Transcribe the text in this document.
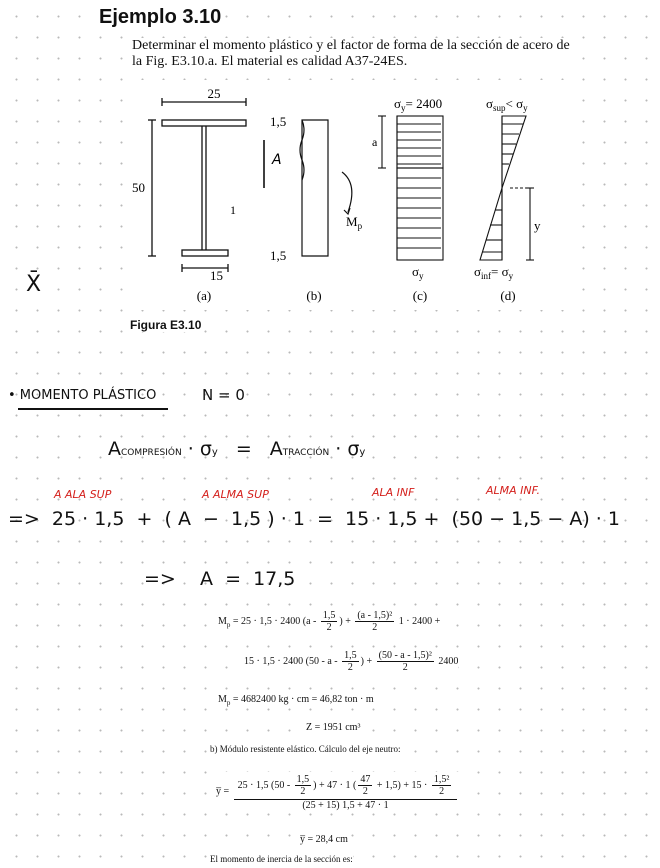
Ejemplo 3.10
Determinar el momento plástico y el factor de forma de la sección de acero de la Fig. E3.10.a. El material es calidad A37-24ES.
25
1,5
50
1
1,5
15
A
$M_p$
a
$\sigma_y= 2400$
$\sigma_y$
$\sigma_{sup}< \sigma_y$
y
$\sigma_{inf}= \sigma_y$
(a)	(b)	(c)	(d)
X̄
Figura E3.10
• MOMENTO PLÁSTICO	N = 0
ACOMPRESIÓN · σy = ATRACCIÓN · σy
A ALA SUP	A ALMA SUP	ALA INF	ALMA INF.
=>  25 · 1,5  +  ( A  −  1,5 ) · 1  =  15 · 1,5 +  (50 − 1,5 − A) · 1
=>    A  =  17,5
$M_p = 25 \cdot 1,5 \cdot 2400$ ($a - \frac{1,5}{2}$ ) + $\frac{\text{(a - 1,5)²}}{2} 1 \cdot 2400$ +
15 · 1,5 · 2400 (50 - a - $\frac{1,5}{2}$ ) + $\frac{\text{(50 - a - 1,5)²}}{2} 2400$
$M_p = 4682400$ kg · cm = 46,82 ton · m
Z = 1951 cm³
b) Módulo resistente elástico. Cálculo del eje neutro:
y̅ =
25 · 1,5 ($50 - \frac{1,5}{2}$ ) + 47 · 1 ( $\frac{47}{2} + 1,5) + 15 \cdot \frac{\text{1,5²}}{2}$
(25 + 15) 1,5 + 47 · 1
y̅ = 28,4 cm
El momento de inercia de la sección es:
